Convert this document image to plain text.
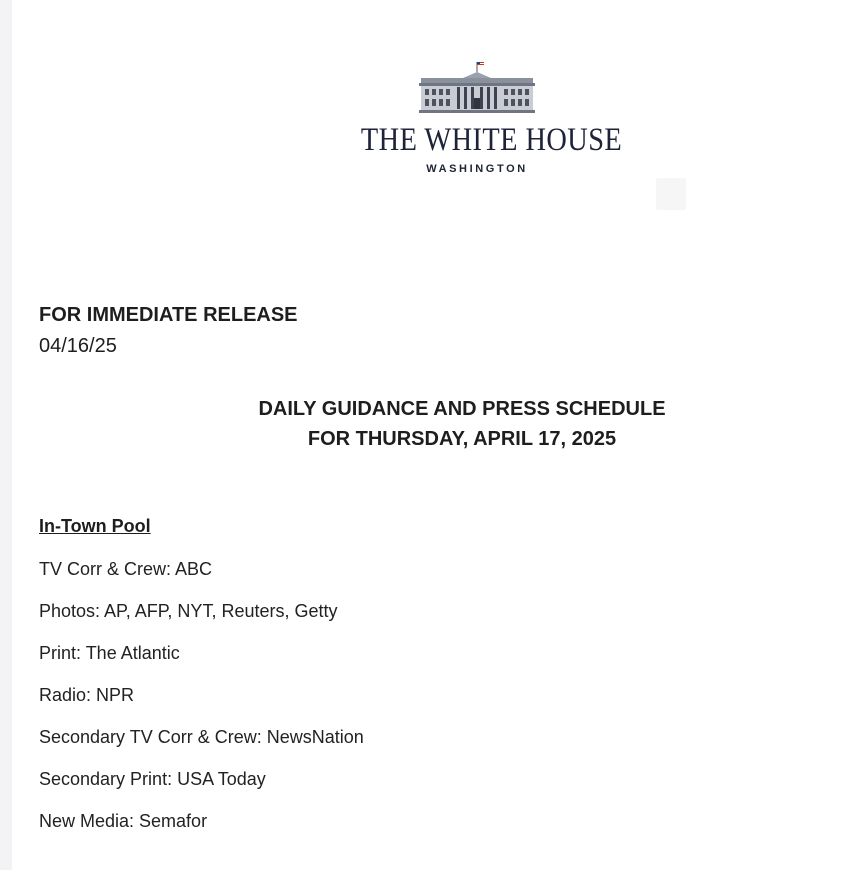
THE WHITE HOUSE
WASHINGTON
FOR IMMEDIATE RELEASE
04/16/25
DAILY GUIDANCE AND PRESS SCHEDULE
FOR THURSDAY, APRIL 17, 2025
In-Town Pool
TV Corr & Crew: ABC
Photos: AP, AFP, NYT, Reuters, Getty
Print: The Atlantic
Radio: NPR
Secondary TV Corr & Crew: NewsNation
Secondary Print: USA Today
New Media: Semafor
